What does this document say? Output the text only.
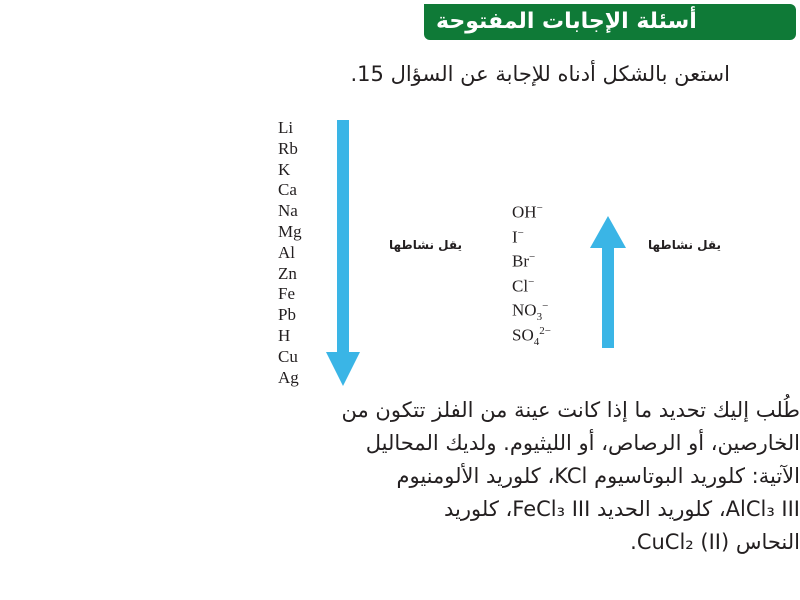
أسئلة الإجابات المفتوحة
استعن بالشكل أدناه للإجابة عن السؤال 15.
Li
Rb
K
Ca
Na
Mg
Al
Zn
Fe
Pb
H
Cu
Ag
يقل نشاطها
OH−
I−
Br−
Cl−
$NO_3^-$
$SO_4^{2-}$
يقل نشاطها
طُلب إليك تحديد ما إذا كانت عينة من الفلز تتكون من
الخارصين، أو الرصاص، أو الليثيوم. ولديك المحاليل
الآتية: كلوريد البوتاسيوم KCl، كلوريد الألومنيوم
AlCl₃ III، كلوريد الحديد FeCl₃ III، كلوريد
النحاس (II) CuCl₂.
